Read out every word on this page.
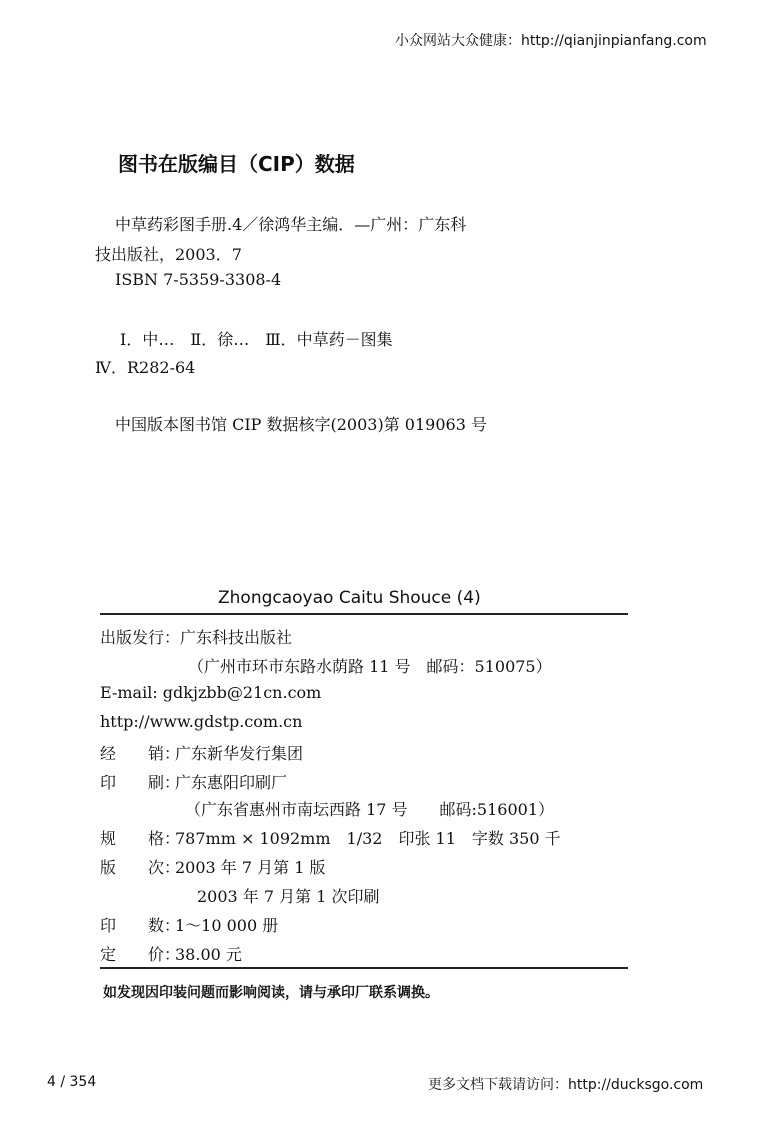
小众网站大众健康：http://qianjinpianfang.com
图书在版编目（CIP）数据
中草药彩图手册.4／徐鸿华主编．—广州：广东科
技出版社，2003．7
ISBN 7-5359-3308-4
Ⅰ．中…　Ⅱ．徐…　Ⅲ．中草药－图集
Ⅳ．R282-64
中国版本图书馆 CIP 数据核字(2003)第 019063 号
Zhongcaoyao Caitu Shouce (4)
出版发行：广东科技出版社
（广州市环市东路水荫路 11 号　邮码：510075）
E-mail: gdkjzbb@21cn.com
http://www.gdstp.com.cn
经　　销：广东新华发行集团
印　　刷：广东惠阳印刷厂
（广东省惠州市南坛西路 17 号　　邮码:516001）
规　　格：787mm × 1092mm　1/32　印张 11　字数 350 千
版　　次：2003 年 7 月第 1 版
2003 年 7 月第 1 次印刷
印　　数：1～10 000 册
定　　价：38.00 元
如发现因印装问题而影响阅读，请与承印厂联系调换。
4 / 354	更多文档下载请访问：http://ducksgo.com
